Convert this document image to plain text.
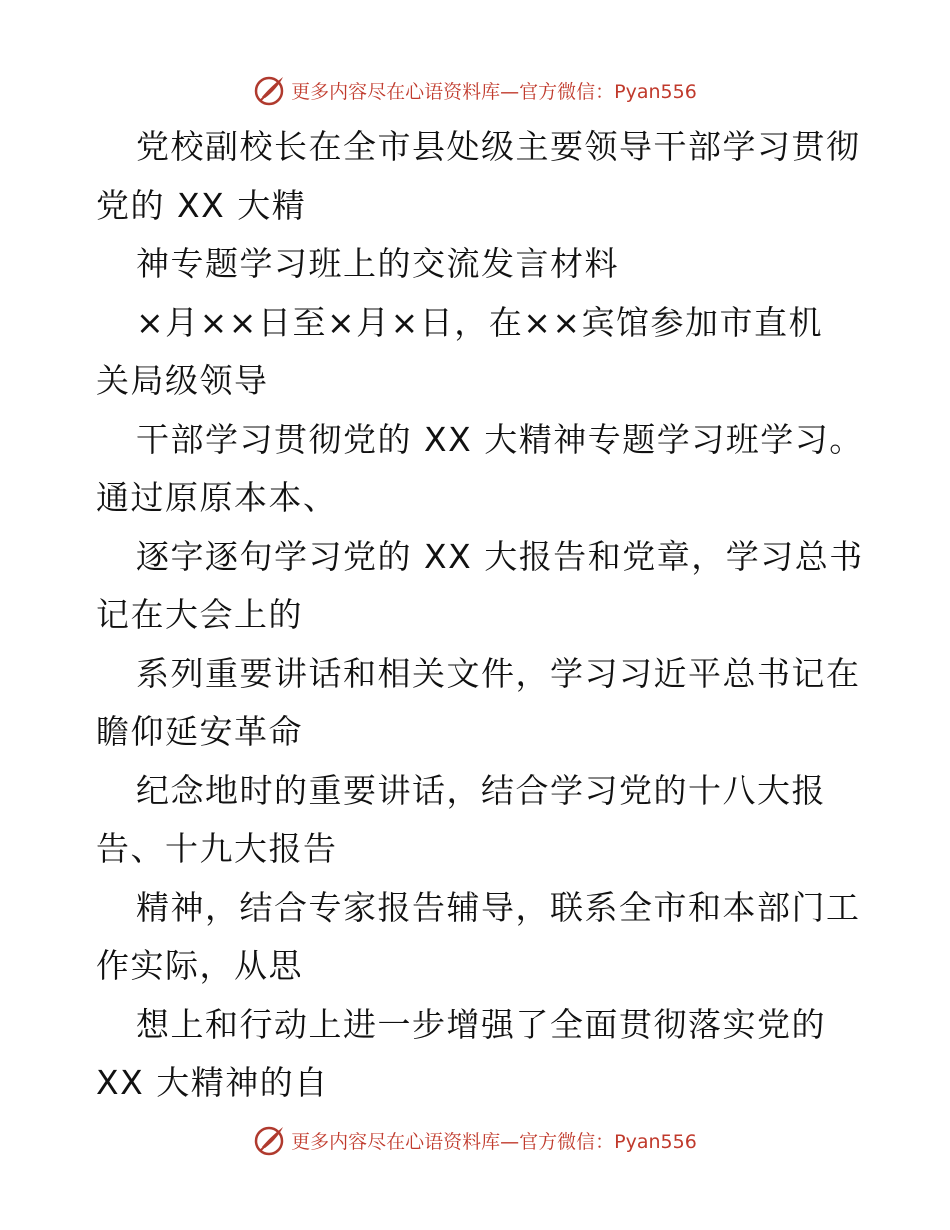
更多内容尽在心语资料库—官方微信：Pyan556
党校副校长在全市县处级主要领导干部学习贯彻
党的 XX 大精
神专题学习班上的交流发言材料
×月××日至×月×日，在××宾馆参加市直机
关局级领导
干部学习贯彻党的 XX 大精神专题学习班学习。
通过原原本本、
逐字逐句学习党的 XX 大报告和党章，学习总书
记在大会上的
系列重要讲话和相关文件，学习习近平总书记在
瞻仰延安革命
纪念地时的重要讲话，结合学习党的十八大报
告、十九大报告
精神，结合专家报告辅导，联系全市和本部门工
作实际，从思
想上和行动上进一步增强了全面贯彻落实党的
XX 大精神的自
更多内容尽在心语资料库—官方微信：Pyan556
